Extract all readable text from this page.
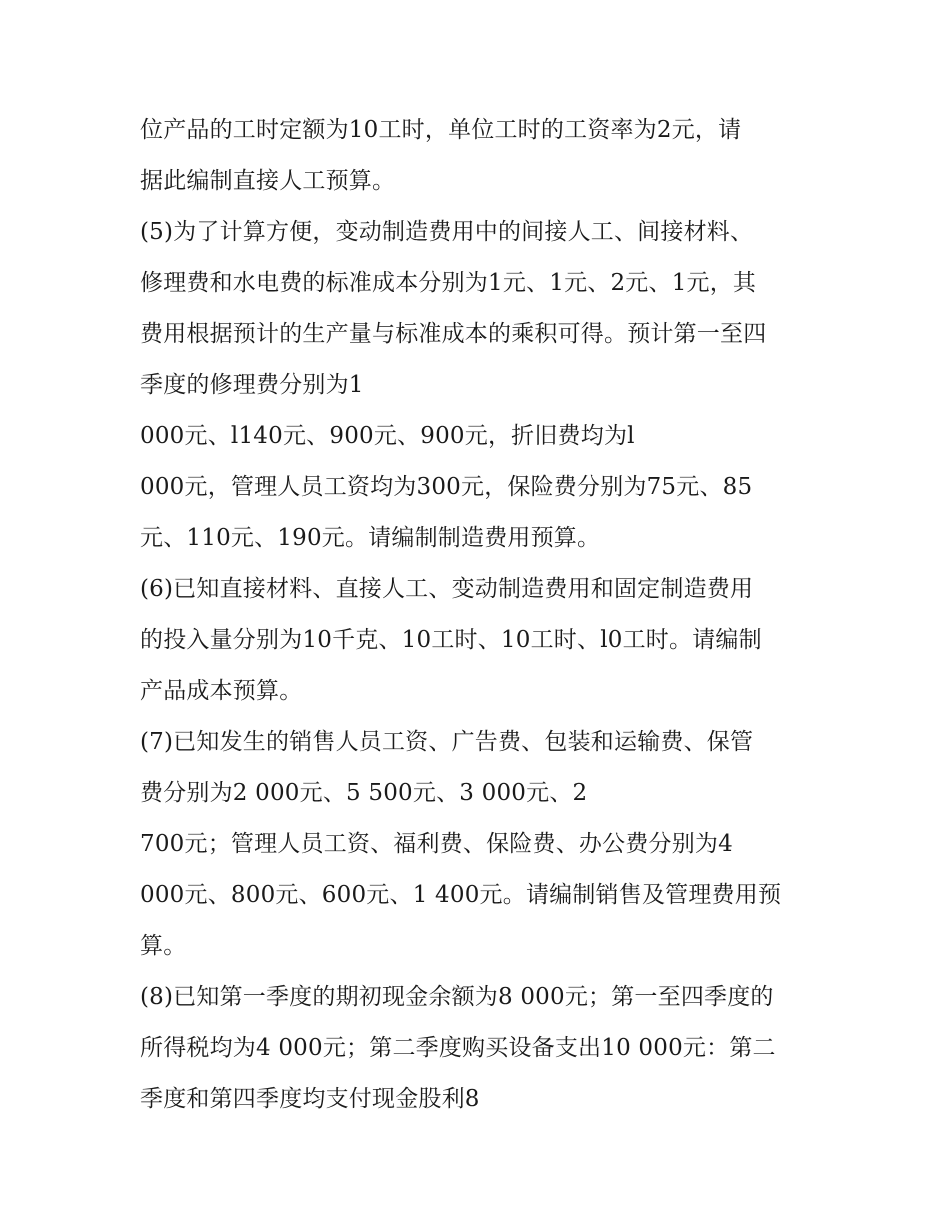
位产品的工时定额为10工时，单位工时的工资率为2元，请
据此编制直接人工预算。
(5)为了计算方便，变动制造费用中的间接人工、间接材料、
修理费和水电费的标准成本分别为1元、1元、2元、1元，其
费用根据预计的生产量与标准成本的乘积可得。预计第一至四
季度的修理费分别为1
000元、l140元、900元、900元，折旧费均为l
000元，管理人员工资均为300元，保险费分别为75元、85
元、110元、190元。请编制制造费用预算。
(6)已知直接材料、直接人工、变动制造费用和固定制造费用
的投入量分别为10千克、10工时、10工时、l0工时。请编制
产品成本预算。
(7)已知发生的销售人员工资、广告费、包装和运输费、保管
费分别为2 000元、5 500元、3 000元、2
700元；管理人员工资、福利费、保险费、办公费分别为4
000元、800元、600元、1 400元。请编制销售及管理费用预
算。
(8)已知第一季度的期初现金余额为8 000元；第一至四季度的
所得税均为4 000元；第二季度购买设备支出10 000元：第二
季度和第四季度均支付现金股利8
